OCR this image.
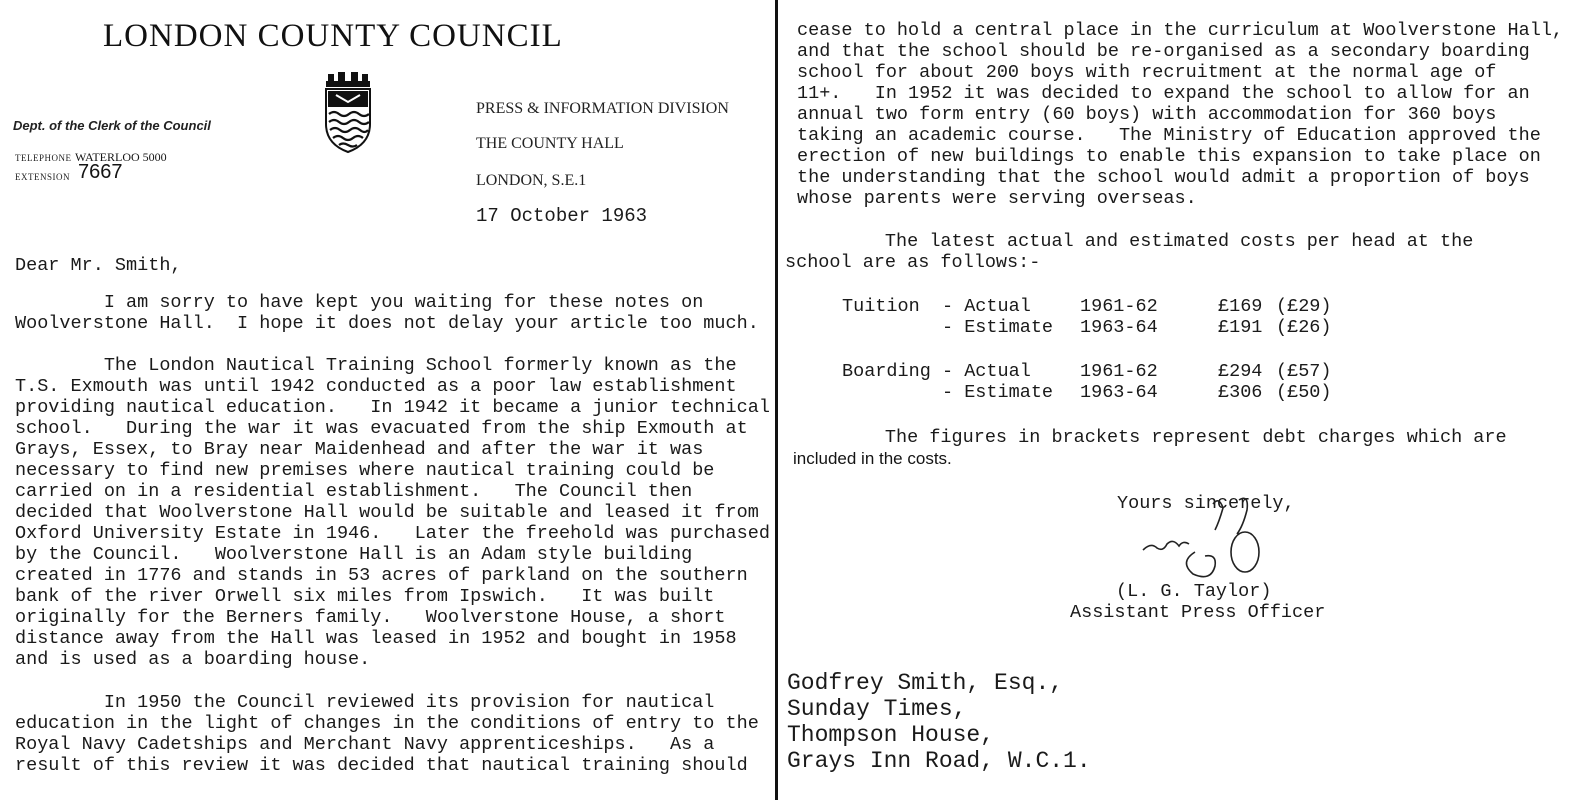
LONDON COUNTY COUNCIL
Dept. of the Clerk of the Council
TELEPHONE WATERLOO 5000
EXTENSION 7667
PRESS & INFORMATION DIVISION
THE COUNTY HALL
LONDON, S.E.1
17 October 1963
Dear Mr. Smith,
I am sorry to have kept you waiting for these notes on
Woolverstone Hall.  I hope it does not delay your article too much.
The London Nautical Training School formerly known as the
T.S. Exmouth was until 1942 conducted as a poor law establishment
providing nautical education.   In 1942 it became a junior technical
school.   During the war it was evacuated from the ship Exmouth at
Grays, Essex, to Bray near Maidenhead and after the war it was
necessary to find new premises where nautical training could be
carried on in a residential establishment.   The Council then
decided that Woolverstone Hall would be suitable and leased it from
Oxford University Estate in 1946.   Later the freehold was purchased
by the Council.   Woolverstone Hall is an Adam style building
created in 1776 and stands in 53 acres of parkland on the southern
bank of the river Orwell six miles from Ipswich.   It was built
originally for the Berners family.   Woolverstone House, a short
distance away from the Hall was leased in 1952 and bought in 1958
and is used as a boarding house.
In 1950 the Council reviewed its provision for nautical
education in the light of changes in the conditions of entry to the
Royal Navy Cadetships and Merchant Navy apprenticeships.   As a
result of this review it was decided that nautical training should
cease to hold a central place in the curriculum at Woolverstone Hall,
and that the school should be re-organised as a secondary boarding
school for about 200 boys with recruitment at the normal age of
11+.   In 1952 it was decided to expand the school to allow for an
annual two form entry (60 boys) with accommodation for 360 boys
taking an academic course.   The Ministry of Education approved the
erection of new buildings to enable this expansion to take place on
the understanding that the school would admit a proportion of boys
whose parents were serving overseas.
The latest actual and estimated costs per head at the
school are as follows:-
Tuition - Actual	1961-62	£169 (£29)
- Estimate 1963-64	£191 (£26)
Boarding - Actual	1961-62	£294 (£57)
- Estimate 1963-64	£306 (£50)
The figures in brackets represent debt charges which are
included in the costs.
Yours sincerely,
(L. G. Taylor)
Assistant Press Officer
Godfrey Smith, Esq.,
Sunday Times,
Thompson House,
Grays Inn Road, W.C.1.
